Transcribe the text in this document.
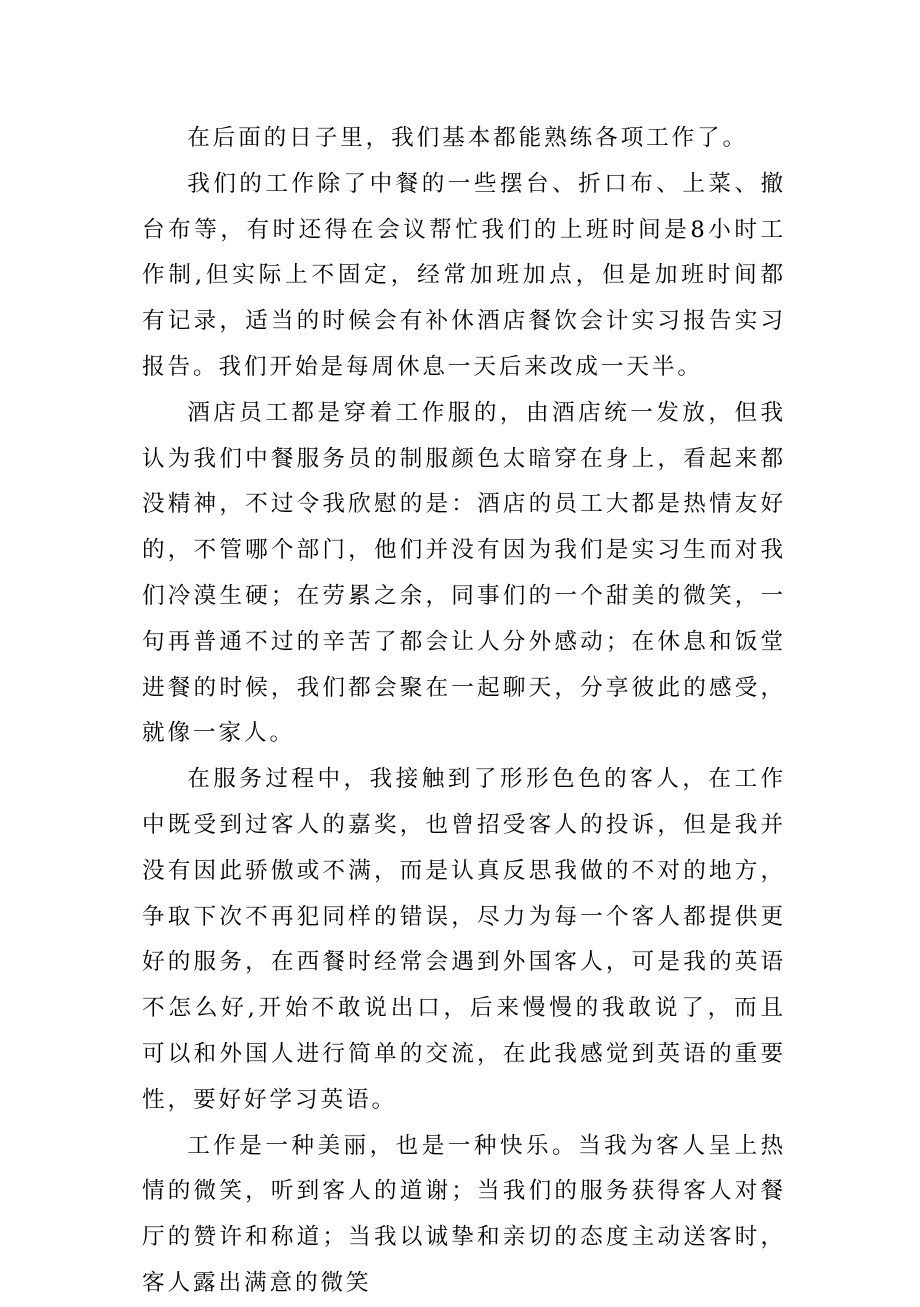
在后面的日子里，我们基本都能熟练各项工作了。

我们的工作除了中餐的一些摆台、折口布、上菜、撤台布等，有时还得在会议帮忙我们的上班时间是8小时工作制,但实际上不固定，经常加班加点，但是加班时间都有记录，适当的时候会有补休酒店餐饮会计实习报告实习报告。我们开始是每周休息一天后来改成一天半。

酒店员工都是穿着工作服的，由酒店统一发放，但我认为我们中餐服务员的制服颜色太暗穿在身上，看起来都没精神，不过令我欣慰的是：酒店的员工大都是热情友好的，不管哪个部门，他们并没有因为我们是实习生而对我们冷漠生硬；在劳累之余，同事们的一个甜美的微笑，一句再普通不过的辛苦了都会让人分外感动；在休息和饭堂进餐的时候，我们都会聚在一起聊天，分享彼此的感受，就像一家人。

在服务过程中，我接触到了形形色色的客人，在工作中既受到过客人的嘉奖，也曾招受客人的投诉，但是我并没有因此骄傲或不满，而是认真反思我做的不对的地方，争取下次不再犯同样的错误，尽力为每一个客人都提供更好的服务，在西餐时经常会遇到外国客人，可是我的英语不怎么好,开始不敢说出口，后来慢慢的我敢说了，而且可以和外国人进行简单的交流，在此我感觉到英语的重要性，要好好学习英语。

工作是一种美丽，也是一种快乐。当我为客人呈上热情的微笑，听到客人的道谢；当我们的服务获得客人对餐厅的赞许和称道；当我以诚挚和亲切的态度主动送客时，客人露出满意的微笑
